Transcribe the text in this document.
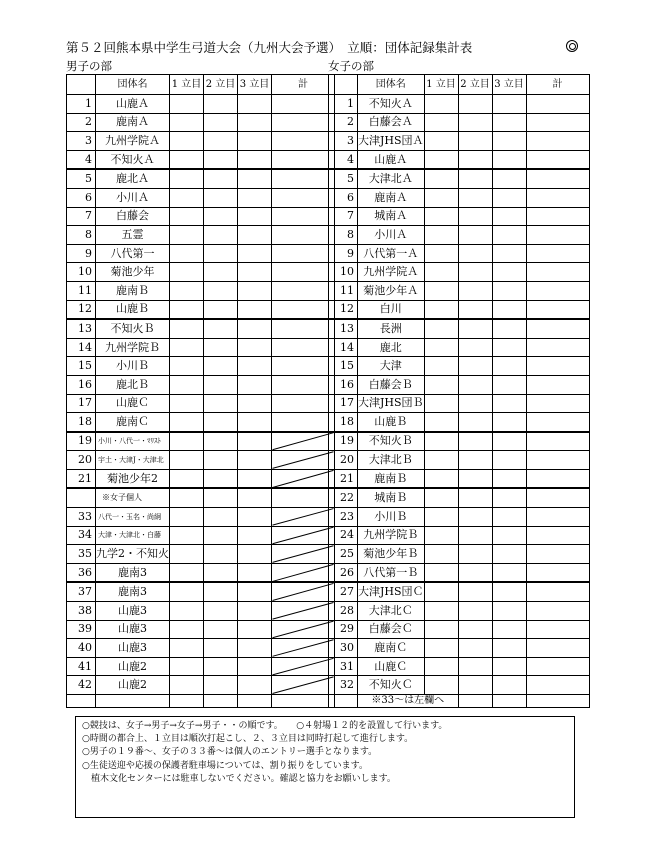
第５２回熊本県中学生弓道大会（九州大会予選）　立順：団体記録集計表
男子の部	女子の部
	団体名	1 立目	2 立目	3 立目	計
1	山鹿Ａ				
2	鹿南Ａ				
3	九州学院Ａ				
4	不知火Ａ				
5	鹿北Ａ				
6	小川Ａ				
7	白藤会				
8	五霊				
9	八代第一				
10	菊池少年				
11	鹿南Ｂ				
12	山鹿Ｂ				
13	不知火Ｂ				
14	九州学院Ｂ				
15	小川Ｂ				
16	鹿北Ｂ				
17	山鹿Ｃ				
18	鹿南Ｃ				
19	小川・八代一・ﾏﾘｽﾄ				
20	宇土・大津J・大津北				
21	菊池少年2				
	※女子個人				
33	八代一・玉名・尚絅				
34	大津・大津北・白藤				
35	九学2・不知火				
36	鹿南3				
37	鹿南3				
38	山鹿3				
39	山鹿3				
40	山鹿3				
41	山鹿2				
42	山鹿2				

	団体名	1 立目	2 立目	3 立目	計
1	不知火Ａ				
2	白藤会Ａ				
3	大津JHS団Ａ				
4	山鹿Ａ				
5	大津北Ａ				
6	鹿南Ａ				
7	城南Ａ				
8	小川Ａ				
9	八代第一Ａ				
10	九州学院Ａ				
11	菊池少年Ａ				
12	白川				
13	長洲				
14	鹿北				
15	大津				
16	白藤会Ｂ				
17	大津JHS団Ｂ				
18	山鹿Ｂ				
19	不知火Ｂ				
20	大津北Ｂ				
21	鹿南Ｂ				
22	城南Ｂ				
23	小川Ｂ				
24	九州学院Ｂ				
25	菊池少年Ｂ				
26	八代第一Ｂ				
27	大津JHS団Ｃ				
28	大津北Ｃ				
29	白藤会Ｃ				
30	鹿南Ｃ				
31	山鹿Ｃ				
32	不知火Ｃ				
	※33～は左欄へ				
○競技は、女子→男子→女子→男子・・の順です。　　○４射場１２的を設置して行います。
○時間の都合上、１立目は順次打起こし、２、３立目は同時打起して進行します。
○男子の１９番～、女子の３３番～は個人のエントリー選手となります。
○生徒送迎や応援の保護者駐車場については、割り振りをしています。
　植木文化センターには駐車しないでください。確認と協力をお願いします。
